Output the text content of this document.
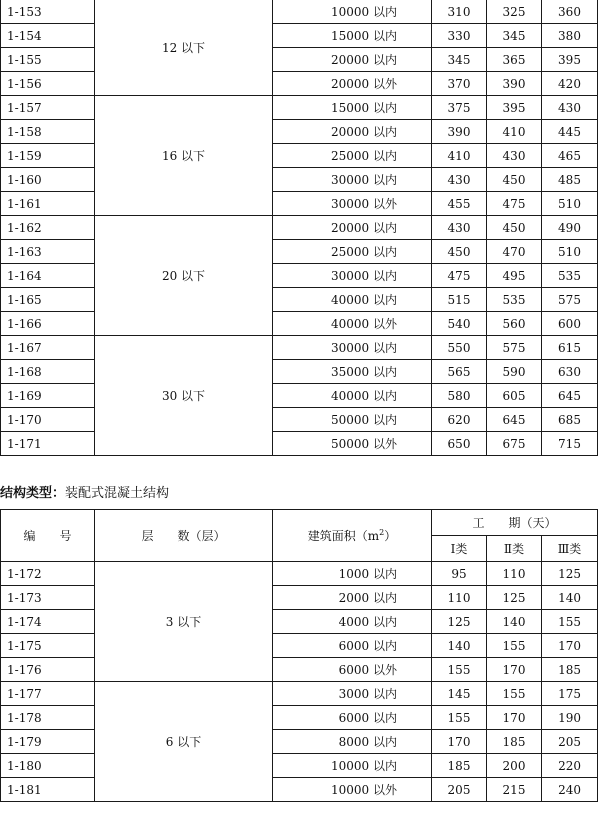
1-153	12 以下	10000 以内	310	325	360
1-154		15000 以内	330	345	380
1-155		20000 以内	345	365	395
1-156		20000 以外	370	390	420
1-157	16 以下	15000 以内	375	395	430
1-158		20000 以内	390	410	445
1-159		25000 以内	410	430	465
1-160		30000 以内	430	450	485
1-161		30000 以外	455	475	510
1-162	20 以下	20000 以内	430	450	490
1-163		25000 以内	450	470	510
1-164		30000 以内	475	495	535
1-165		40000 以内	515	535	575
1-166		40000 以外	540	560	600
1-167	30 以下	30000 以内	550	575	615
1-168		35000 以内	565	590	630
1-169		40000 以内	580	605	645
1-170		50000 以内	620	645	685
1-171		50000 以外	650	675	715
结构类型：装配式混凝土结构
编　　号	层　　数（层）	建筑面积$(m^2)$	工　　期（天）		
			Ⅰ类	Ⅱ类	Ⅲ类
1-172	3 以下	1000 以内	95	110	125
1-173		2000 以内	110	125	140
1-174		4000 以内	125	140	155
1-175		6000 以内	140	155	170
1-176		6000 以外	155	170	185
1-177	6 以下	3000 以内	145	155	175
1-178		6000 以内	155	170	190
1-179		8000 以内	170	185	205
1-180		10000 以内	185	200	220
1-181		10000 以外	205	215	240
